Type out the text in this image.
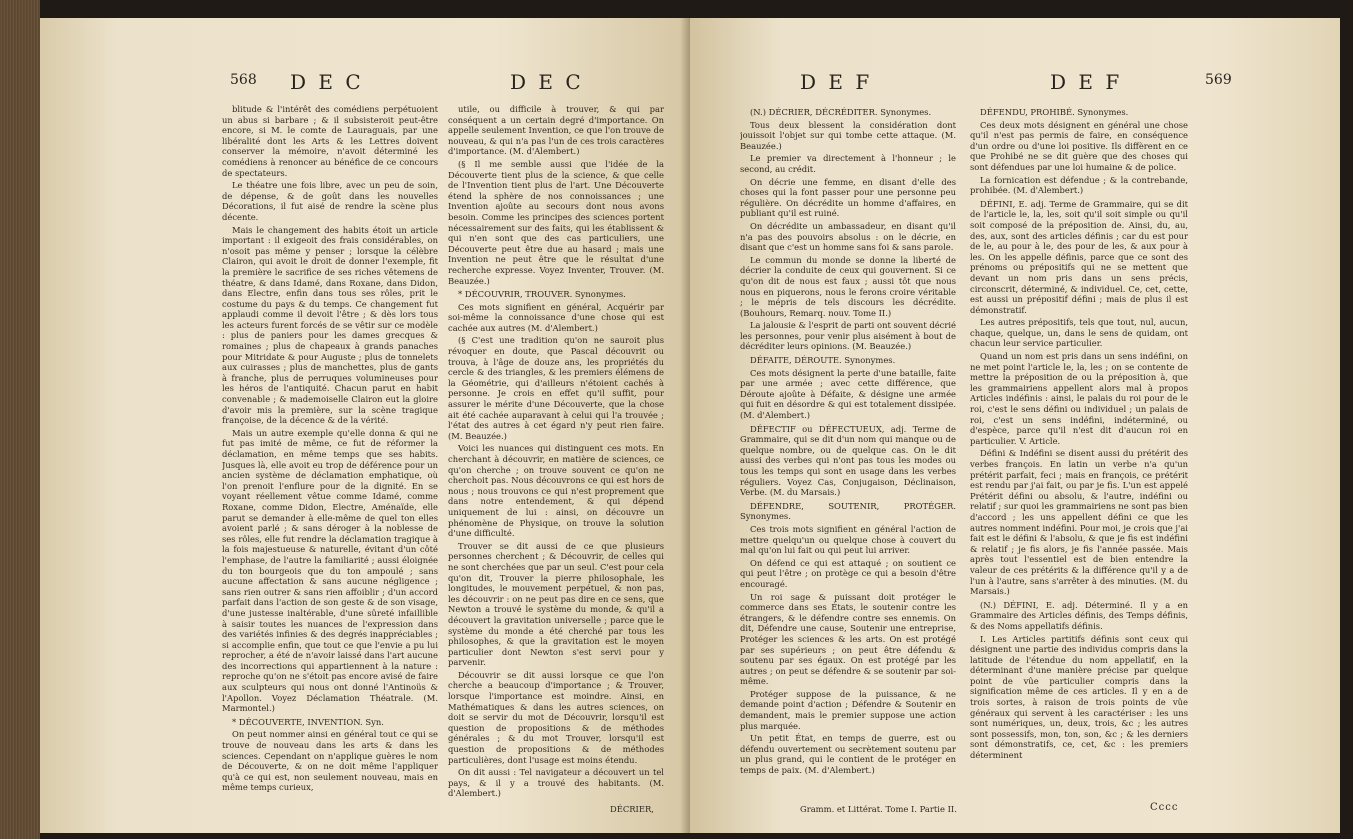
568 D E C	D E C

blitude & l'intérêt des comédiens perpétuoient un abus si barbare ; & il subsisteroit peut-être encore, si M. le comte de Lauraguais, par une libéralité dont les Arts & les Lettres doivent conserver la mémoire, n'avoit déterminé les comédiens à renoncer au bénéfice de ce concours de spectateurs.

Le théatre une fois libre, avec un peu de soin, de dépense, & de goût dans les nouvelles Décorations, il fut aisé de rendre la scène plus décente.

Mais le changement des habits étoit un article important : il exigeoit des frais considérables, on n'osoit pas même y penser ; lorsque la célèbre Clairon, qui avoit le droit de donner l'exemple, fit la première le sacrifice de ses riches vêtemens de théatre, & dans Idamé, dans Roxane, dans Didon, dans Electre, enfin dans tous ses rôles, prit le costume du pays & du temps. Ce changement fut applaudi comme il devoit l'être ; & dès lors tous les acteurs furent forcés de se vêtir sur ce modèle : plus de paniers pour les dames grecques & romaines ; plus de chapeaux à grands panaches pour Mitridate & pour Auguste ; plus de tonnelets aux cuirasses ; plus de manchettes, plus de gants à franche, plus de perruques volumineuses pour les héros de l'antiquité. Chacun parut en habit convenable ; & mademoiselle Clairon eut la gloire d'avoir mis la première, sur la scène tragique françoise, de la décence & de la vérité.

Mais un autre exemple qu'elle donna & qui ne fut pas imité de même, ce fut de réformer la déclamation, en même temps que ses habits. Jusques là, elle avoit eu trop de déférence pour un ancien système de déclamation emphatique, où l'on prenoit l'enflure pour de la dignité. En se voyant réellement vêtue comme Idamé, comme Roxane, comme Didon, Electre, Aménaïde, elle parut se demander à elle-même de quel ton elles avoient parlé ; & sans déroger à la noblesse de ses rôles, elle fut rendre la déclamation tragique à la fois majestueuse & naturelle, évitant d'un côté l'emphase, de l'autre la familiarité ; aussi éloignée du ton bourgeois que du ton ampoulé ; sans aucune affectation & sans aucune négligence ; sans rien outrer & sans rien affoiblir ; d'un accord parfait dans l'action de son geste & de son visage, d'une justesse inaltérable, d'une sûreté infaillible à saisir toutes les nuances de l'expression dans des variétés infinies & des degrés inappréciables ; si accomplie enfin, que tout ce que l'envie a pu lui reprocher, a été de n'avoir laissé dans l'art aucune des incorrections qui appartiennent à la nature : reproche qu'on ne s'étoit pas encore avisé de faire aux sculpteurs qui nous ont donné l'Antinoüs & l'Apollon. Voyez Déclamation Théatrale. (M. Marmontel.)

* DÉCOUVERTE, INVENTION. Syn.

On peut nommer ainsi en général tout ce qui se trouve de nouveau dans les arts & dans les sciences. Cependant on n'applique guères le nom de Découverte, & on ne doit même l'appliquer qu'à ce qui est, non seulement nouveau, mais en même temps curieux,

utile, ou difficile à trouver, & qui par conséquent a un certain degré d'importance. On appelle seulement Invention, ce que l'on trouve de nouveau, & qui n'a pas l'un de ces trois caractères d'importance. (M. d'Alembert.)

(§ Il me semble aussi que l'idée de la Découverte tient plus de la science, & que celle de l'Invention tient plus de l'art. Une Découverte étend la sphère de nos connoissances ; une Invention ajoûte au secours dont nous avons besoin. Comme les principes des sciences portent nécessairement sur des faits, qui les établissent & qui n'en sont que des cas particuliers, une Découverte peut être due au hasard ; mais une Invention ne peut être que le résultat d'une recherche expresse. Voyez Inventer, Trouver. (M. Beauzée.)

* DÉCOUVRIR, TROUVER. Synonymes.

Ces mots signifient en général, Acquérir par soi-même la connoissance d'une chose qui est cachée aux autres (M. d'Alembert.)

(§ C'est une tradition qu'on ne sauroit plus révoquer en doute, que Pascal découvrit ou trouva, à l'âge de douze ans, les propriétés du cercle & des triangles, & les premiers élémens de la Géométrie, qui d'ailleurs n'étoient cachés à personne. Je crois en effet qu'il suffit, pour assurer le mérite d'une Découverte, que la chose ait été cachée auparavant à celui qui l'a trouvée ; l'état des autres à cet égard n'y peut rien faire. (M. Beauzée.)

Voici les nuances qui distinguent ces mots. En cherchant à découvrir, en matière de sciences, ce qu'on cherche ; on trouve souvent ce qu'on ne cherchoit pas. Nous découvrons ce qui est hors de nous ; nous trouvons ce qui n'est proprement que dans notre entendement, & qui dépend uniquement de lui : ainsi, on découvre un phénomène de Physique, on trouve la solution d'une difficulté.

Trouver se dit aussi de ce que plusieurs personnes cherchent ; & Découvrir, de celles qui ne sont cherchées que par un seul. C'est pour cela qu'on dit, Trouver la pierre philosophale, les longitudes, le mouvement perpétuel, & non pas, les découvrir : on ne peut pas dire en ce sens, que Newton a trouvé le système du monde, & qu'il a découvert la gravitation universelle ; parce que le système du monde a été cherché par tous les philosophes, & que la gravitation est le moyen particulier dont Newton s'est servi pour y parvenir.

Découvrir se dit aussi lorsque ce que l'on cherche a beaucoup d'importance ; & Trouver, lorsque l'importance est moindre. Ainsi, en Mathématiques & dans les autres sciences, on doit se servir du mot de Découvrir, lorsqu'il est question de propositions & de méthodes générales ; & du mot Trouver, lorsqu'il est question de propositions & de méthodes particulières, dont l'usage est moins étendu.

On dit aussi : Tel navigateur a découvert un tel pays, & il y a trouvé des habitants. (M. d'Alembert.)

DÉCRIER,
D E F	D E F	569

(N.) DÉCRIER, DÉCRÉDITER. Synonymes.

Tous deux blessent la considération dont jouissoit l'objet sur qui tombe cette attaque. (M. Beauzée.)

Le premier va directement à l'honneur ; le second, au crédit.

On décrie une femme, en disant d'elle des choses qui la font passer pour une personne peu régulière. On décrédite un homme d'affaires, en publiant qu'il est ruiné.

On décrédite un ambassadeur, en disant qu'il n'a pas des pouvoirs absolus : on le décrie, en disant que c'est un homme sans foi & sans parole.

Le commun du monde se donne la liberté de décrier la conduite de ceux qui gouvernent. Si ce qu'on dit de nous est faux ; aussi tôt que nous nous en piquerons, nous le ferons croire véritable ; le mépris de tels discours les décrédite. (Bouhours, Remarq. nouv. Tome II.)

La jalousie & l'esprit de parti ont souvent décrié les personnes, pour venir plus aisément à bout de décréditer leurs opinions. (M. Beauzée.)

DÉFAITE, DÉROUTE. Synonymes.

Ces mots désignent la perte d'une bataille, faite par une armée ; avec cette différence, que Déroute ajoûte à Défaite, & désigne une armée qui fuit en désordre & qui est totalement dissipée. (M. d'Alembert.)

DÉFECTIF ou DÉFECTUEUX, adj. Terme de Grammaire, qui se dit d'un nom qui manque ou de quelque nombre, ou de quelque cas. On le dit aussi des verbes qui n'ont pas tous les modes ou tous les temps qui sont en usage dans les verbes réguliers. Voyez Cas, Conjugaison, Déclinaison, Verbe. (M. du Marsais.)

DÉFENDRE, SOUTENIR, PROTÉGER. Synonymes.

Ces trois mots signifient en général l'action de mettre quelqu'un ou quelque chose à couvert du mal qu'on lui fait ou qui peut lui arriver.

On défend ce qui est attaqué ; on soutient ce qui peut l'être ; on protège ce qui a besoin d'être encouragé.

Un roi sage & puissant doit protéger le commerce dans ses États, le soutenir contre les étrangers, & le défendre contre ses ennemis. On dit, Défendre une cause, Soutenir une entreprise, Protéger les sciences & les arts. On est protégé par ses supérieurs ; on peut être défendu & soutenu par ses égaux. On est protégé par les autres ; on peut se défendre & se soutenir par soi-même.

Protéger suppose de la puissance, & ne demande point d'action ; Défendre & Soutenir en demandent, mais le premier suppose une action plus marquée.

Un petit État, en temps de guerre, est ou défendu ouvertement ou secrètement soutenu par un plus grand, qui le contient de le protéger en temps de paix. (M. d'Alembert.)

Gramm. et Littérat. Tome I. Partie II.

DÉFENDU, PROHIBÉ. Synonymes.

Ces deux mots désignent en général une chose qu'il n'est pas permis de faire, en conséquence d'un ordre ou d'une loi positive. Ils diffèrent en ce que Prohibé ne se dit guère que des choses qui sont défendues par une loi humaine & de police.

La fornication est défendue ; & la contrebande, prohibée. (M. d'Alembert.)

DÉFINI, E. adj. Terme de Grammaire, qui se dit de l'article le, la, les, soit qu'il soit simple ou qu'il soit composé de la préposition de. Ainsi, du, au, des, aux, sont des articles définis ; car du est pour de le, au pour à le, des pour de les, & aux pour à les. On les appelle définis, parce que ce sont des prénoms ou prépositifs qui ne se mettent que devant un nom pris dans un sens précis, circonscrit, déterminé, & individuel. Ce, cet, cette, est aussi un prépositif défini ; mais de plus il est démonstratif.

Les autres prépositifs, tels que tout, nul, aucun, chaque, quelque, un, dans le sens de quidam, ont chacun leur service particulier.

Quand un nom est pris dans un sens indéfini, on ne met point l'article le, la, les ; on se contente de mettre la préposition de ou la préposition à, que les grammairiens appellent alors mal à propos Articles indéfinis : ainsi, le palais du roi pour de le roi, c'est le sens défini ou individuel ; un palais de roi, c'est un sens indéfini, indéterminé, ou d'espèce, parce qu'il n'est dit d'aucun roi en particulier. V. Article.

Défini & Indéfini se disent aussi du prétérit des verbes françois. En latin un verbe n'a qu'un prétérit parfait, feci ; mais en françois, ce prétérit est rendu par j'ai fait, ou par je fis. L'un est appelé Prétérit défini ou absolu, & l'autre, indéfini ou relatif ; sur quoi les grammairiens ne sont pas bien d'accord ; les uns appellent défini ce que les autres nomment indéfini. Pour moi, je crois que j'ai fait est le défini & l'absolu, & que je fis est indéfini & relatif ; je fis alors, je fis l'année passée. Mais après tout l'essentiel est de bien entendre la valeur de ces prétérits & la différence qu'il y a de l'un à l'autre, sans s'arrêter à des minuties. (M. du Marsais.)

(N.) DÉFINI, E. adj. Déterminé. Il y a en Grammaire des Articles définis, des Temps définis, & des Noms appellatifs définis.

I. Les Articles partitifs définis sont ceux qui désignent une partie des individus compris dans la latitude de l'étendue du nom appellatif, en la déterminant d'une manière précise par quelque point de vûe particulier compris dans la signification même de ces articles. Il y en a de trois sortes, à raison de trois points de vûe généraux qui servent à les caractériser : les uns sont numériques, un, deux, trois, &c ; les autres sont possessifs, mon, ton, son, &c ; & les derniers sont démonstratifs, ce, cet, &c : les premiers déterminent

Cccc
